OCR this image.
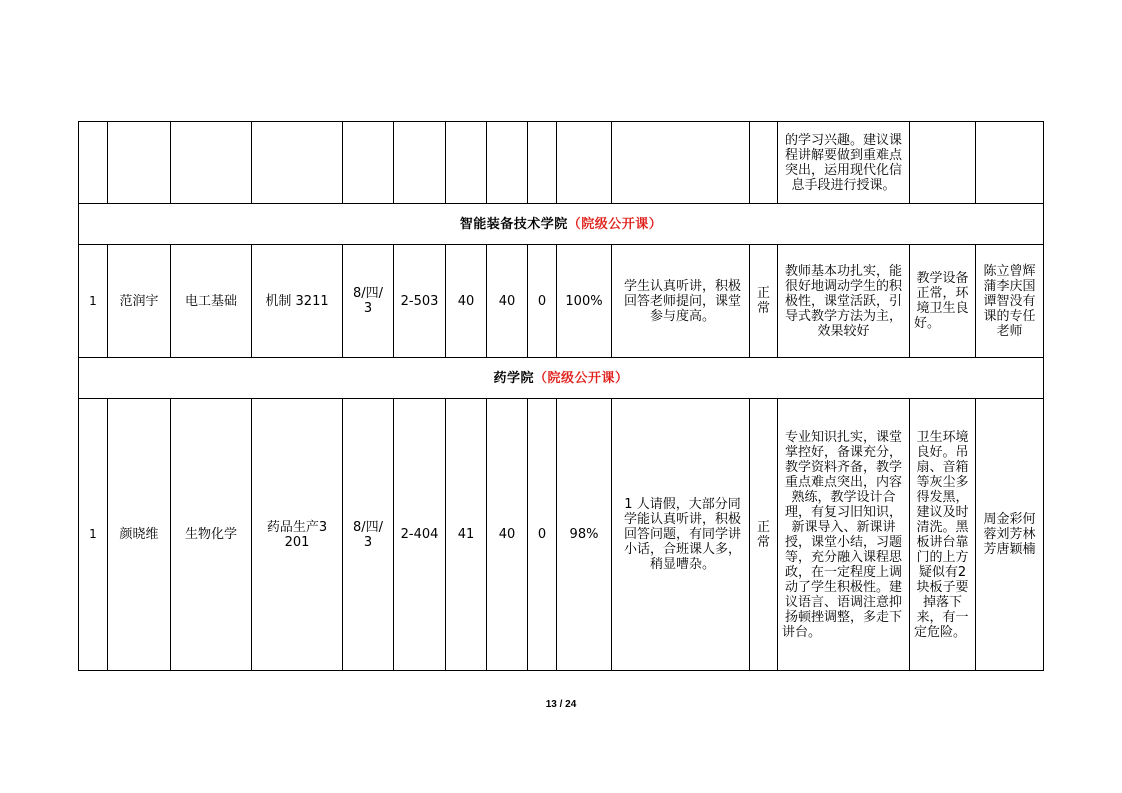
												的学习兴趣。建议课程讲解要做到重难点突出，运用现代化信息手段进行授课。		
智能装备技术学院（院级公开课）														
1	范润宇	电工基础	机制 3211	8/四/3	2-503	40	40	0	100%	学生认真听讲，积极回答老师提问，课堂参与度高。	正常	教师基本功扎实，能很好地调动学生的积极性，课堂活跃，引导式教学方法为主，效果较好	教学设备正常，环境卫生良好。	陈立曾辉蒲李庆国谭智没有课的专任老师
药学院（院级公开课）														
1	颜晓维	生物化学	药品生产3201	8/四/3	2-404	41	40	0	98%	1 人请假，大部分同学能认真听讲，积极回答问题，有同学讲小话，合班课人多，稍显嘈杂。	正常	专业知识扎实，课堂掌控好，备课充分，教学资料齐备，教学重点难点突出，内容熟练，教学设计合理，有复习旧知识，新课导入、新课讲授，课堂小结，习题等，充分融入课程思政，在一定程度上调动了学生积极性。建议语言、语调注意抑扬顿挫调整，多走下讲台。	卫生环境良好。吊扇、音箱等灰尘多得发黑，建议及时清洗。黑板讲台靠门的上方疑似有2块板子要掉落下来，有一定危险。	周金彩何蓉刘芳林芳唐颖楠
13 / 24
